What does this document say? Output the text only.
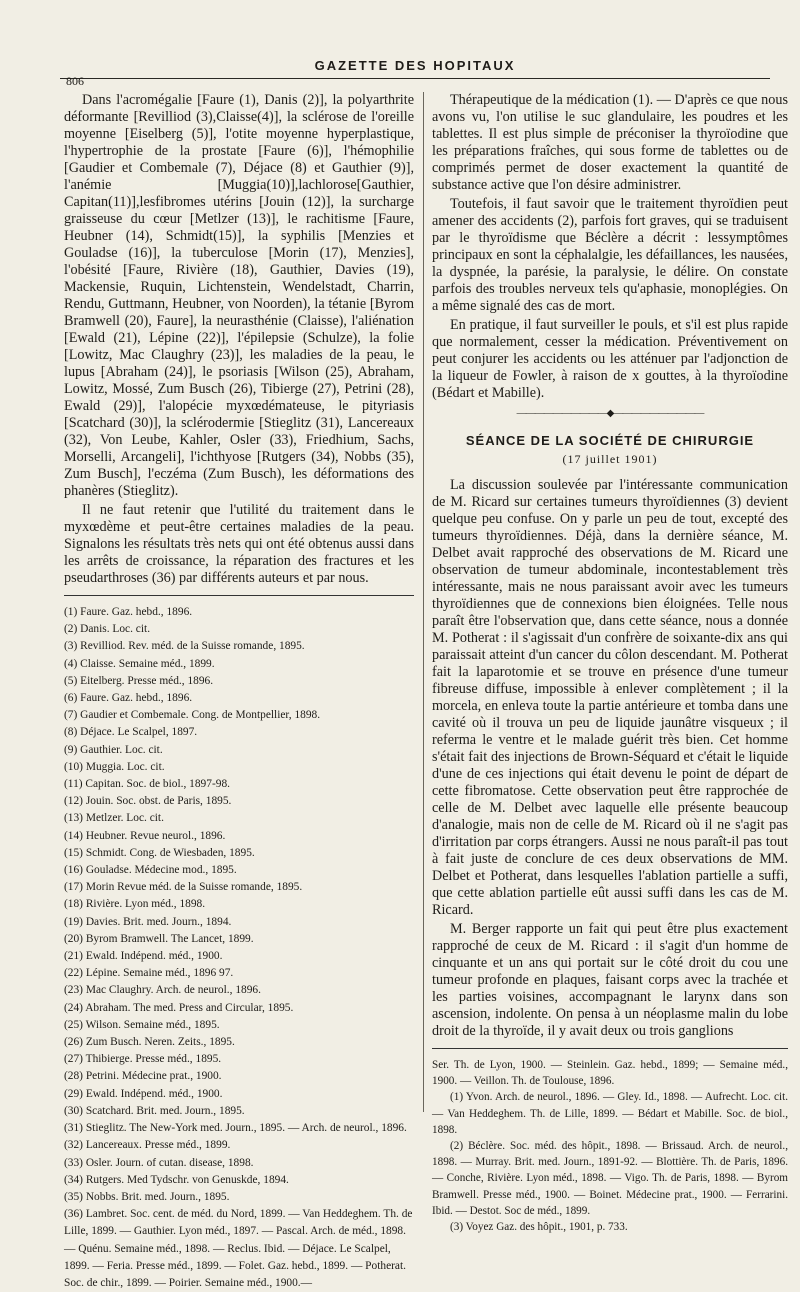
806
GAZETTE DES HOPITAUX

Dans l'acromégalie [Faure (1), Danis (2)], la polyarthrite déformante [Revilliod (3),Claisse(4)], la sclérose de l'oreille moyenne [Eiselberg (5)], l'otite moyenne hyperplastique, l'hypertrophie de la prostate [Faure (6)], l'hémophilie [Gaudier et Combemale (7), Déjace (8) et Gauthier (9)], l'anémie [Muggia(10)],lachlorose[Gauthier, Capitan(11)],lesfibromes utérins [Jouin (12)], la surcharge graisseuse du cœur [Metlzer (13)], le rachitisme [Faure, Heubner (14), Schmidt(15)], la syphilis [Menzies et Gouladse (16)], la tuberculose [Morin (17), Menzies], l'obésité [Faure, Rivière (18), Gauthier, Davies (19), Mackensie, Ruquin, Lichtenstein, Wendelstadt, Charrin, Rendu, Guttmann, Heubner, von Noorden), la tétanie [Byrom Bramwell (20), Faure], la neurasthénie (Claisse), l'aliénation [Ewald (21), Lépine (22)], l'épilepsie (Schulze), la folie [Lowitz, Mac Claughry (23)], les maladies de la peau, le lupus [Abraham (24)], le psoriasis [Wilson (25), Abraham, Lowitz, Mossé, Zum Busch (26), Tibierge (27), Petrini (28), Ewald (29)], l'alopécie myxœdémateuse, le pityriasis [Scatchard (30)], la sclérodermie [Stieglitz (31), Lancereaux (32), Von Leube, Kahler, Osler (33), Friedhium, Sachs, Morselli, Arcangeli], l'ichthyose [Rutgers (34), Nobbs (35), Zum Busch], l'eczéma (Zum Busch), les déformations des phanères (Stieglitz).

Il ne faut retenir que l'utilité du traitement dans le myxœdème et peut-être certaines maladies de la peau. Signalons les résultats très nets qui ont été obtenus aussi dans les arrêts de croissance, la réparation des fractures et les pseudarthroses (36) par différents auteurs et par nous.

(1) Faure. Gaz. hebd., 1896.
(2) Danis. Loc. cit.
(3) Revilliod. Rev. méd. de la Suisse romande, 1895.
(4) Claisse. Semaine méd., 1899.
(5) Eitelberg. Presse méd., 1896.
(6) Faure. Gaz. hebd., 1896.
(7) Gaudier et Combemale. Cong. de Montpellier, 1898.
(8) Déjace. Le Scalpel, 1897.
(9) Gauthier. Loc. cit.
(10) Muggia. Loc. cit.
(11) Capitan. Soc. de biol., 1897-98.
(12) Jouin. Soc. obst. de Paris, 1895.
(13) Metlzer. Loc. cit.
(14) Heubner. Revue neurol., 1896.
(15) Schmidt. Cong. de Wiesbaden, 1895.
(16) Gouladse. Médecine mod., 1895.
(17) Morin Revue méd. de la Suisse romande, 1895.
(18) Rivière. Lyon méd., 1898.
(19) Davies. Brit. med. Journ., 1894.
(20) Byrom Bramwell. The Lancet, 1899.
(21) Ewald. Indépend. méd., 1900.
(22) Lépine. Semaine méd., 1896 97.
(23) Mac Claughry. Arch. de neurol., 1896.
(24) Abraham. The med. Press and Circular, 1895.
(25) Wilson. Semaine méd., 1895.
(26) Zum Busch. Neren. Zeits., 1895.
(27) Thibierge. Presse méd., 1895.
(28) Petrini. Médecine prat., 1900.
(29) Ewald. Indépend. méd., 1900.
(30) Scatchard. Brit. med. Journ., 1895.
(31) Stieglitz. The New-York med. Journ., 1895. — Arch. de neurol., 1896.
(32) Lancereaux. Presse méd., 1899.
(33) Osler. Journ. of cutan. disease, 1898.
(34) Rutgers. Med Tydschr. von Genuskde, 1894.
(35) Nobbs. Brit. med. Journ., 1895.
(36) Lambret. Soc. cent. de méd. du Nord, 1899. — Van Heddeghem. Th. de Lille, 1899. — Gauthier. Lyon méd., 1897. — Pascal. Arch. de méd., 1898. — Quénu. Semaine méd., 1898. — Reclus. Ibid. — Déjace. Le Scalpel, 1899. — Feria. Presse méd., 1899. — Folet. Gaz. hebd., 1899. — Potherat. Soc. de chir., 1899. — Poirier. Semaine méd., 1900.—

Thérapeutique de la médication (1). — D'après ce que nous avons vu, l'on utilise le suc glandulaire, les poudres et les tablettes. Il est plus simple de préconiser la thyroïodine que les préparations fraîches, qui sous forme de tablettes ou de comprimés permet de doser exactement la quantité de substance active que l'on désire administrer.

Toutefois, il faut savoir que le traitement thyroïdien peut amener des accidents (2), parfois fort graves, qui se traduisent par le thyroïdisme que Béclère a décrit : lessymptômes principaux en sont la céphalalgie, les défaillances, les nausées, la dyspnée, la parésie, la paralysie, le délire. On constate parfois des troubles nerveux tels qu'aphasie, monoplégies. On a même signalé des cas de mort.

En pratique, il faut surveiller le pouls, et s'il est plus rapide que normalement, cesser la médication. Préventivement on peut conjurer les accidents ou les atténuer par l'adjonction de la liqueur de Fowler, à raison de x gouttes, à la thyroïodine (Bédart et Mabille).

——————————◆——————————
SÉANCE DE LA SOCIÉTÉ DE CHIRURGIE
(17 juillet 1901)

La discussion soulevée par l'intéressante communication de M. Ricard sur certaines tumeurs thyroïdiennes (3) devient quelque peu confuse. On y parle un peu de tout, excepté des tumeurs thyroïdiennes. Déjà, dans la dernière séance, M. Delbet avait rapproché des observations de M. Ricard une observation de tumeur abdominale, incontestablement très intéressante, mais ne nous paraissant avoir avec les tumeurs thyroïdiennes que de connexions bien éloignées. Telle nous paraît être l'observation que, dans cette séance, nous a donnée M. Potherat : il s'agissait d'un confrère de soixante-dix ans qui paraissait atteint d'un cancer du côlon descendant. M. Potherat fait la laparotomie et se trouve en présence d'une tumeur fibreuse diffuse, impossible à enlever complètement ; il la morcela, en enleva toute la partie antérieure et tomba dans une cavité où il trouva un peu de liquide jaunâtre visqueux ; il referma le ventre et le malade guérit très bien. Cet homme s'était fait des injections de Brown-Séquard et c'était le liquide d'une de ces injections qui était devenu le point de départ de cette fibromatose. Cette observation peut être rapprochée de celle de M. Delbet avec laquelle elle présente beaucoup d'analogie, mais non de celle de M. Ricard où il ne s'agit pas d'irritation par corps étrangers. Aussi ne nous paraît-il pas tout à fait juste de conclure de ces deux observations de MM. Delbet et Potherat, dans lesquelles l'ablation partielle a suffi, que cette ablation partielle eût aussi suffi dans les cas de M. Ricard.

M. Berger rapporte un fait qui peut être plus exactement rapproché de ceux de M. Ricard : il s'agit d'un homme de cinquante et un ans qui portait sur le côté droit du cou une tumeur profonde en plaques, faisant corps avec la trachée et les parties voisines, accompagnant le larynx dans son ascension, indolente. On pensa à un néoplasme malin du lobe droit de la thyroïde, il y avait deux ou trois ganglions

Ser. Th. de Lyon, 1900. — Steinlein. Gaz. hebd., 1899; — Semaine méd., 1900. — Veillon. Th. de Toulouse, 1896.

(1) Yvon. Arch. de neurol., 1896. — Gley. Id., 1898. — Aufrecht. Loc. cit. — Van Heddeghem. Th. de Lille, 1899. — Bédart et Mabille. Soc. de biol., 1898.

(2) Béclère. Soc. méd. des hôpit., 1898. — Brissaud. Arch. de neurol., 1898. — Murray. Brit. med. Journ., 1891-92. — Blottière. Th. de Paris, 1896. — Conche, Rivière. Lyon méd., 1898. — Vigo. Th. de Paris, 1898. — Byrom Bramwell. Presse méd., 1900. — Boinet. Médecine prat., 1900. — Ferrarini. Ibid. — Destot. Soc de méd., 1899.

(3) Voyez Gaz. des hôpit., 1901, p. 733.
